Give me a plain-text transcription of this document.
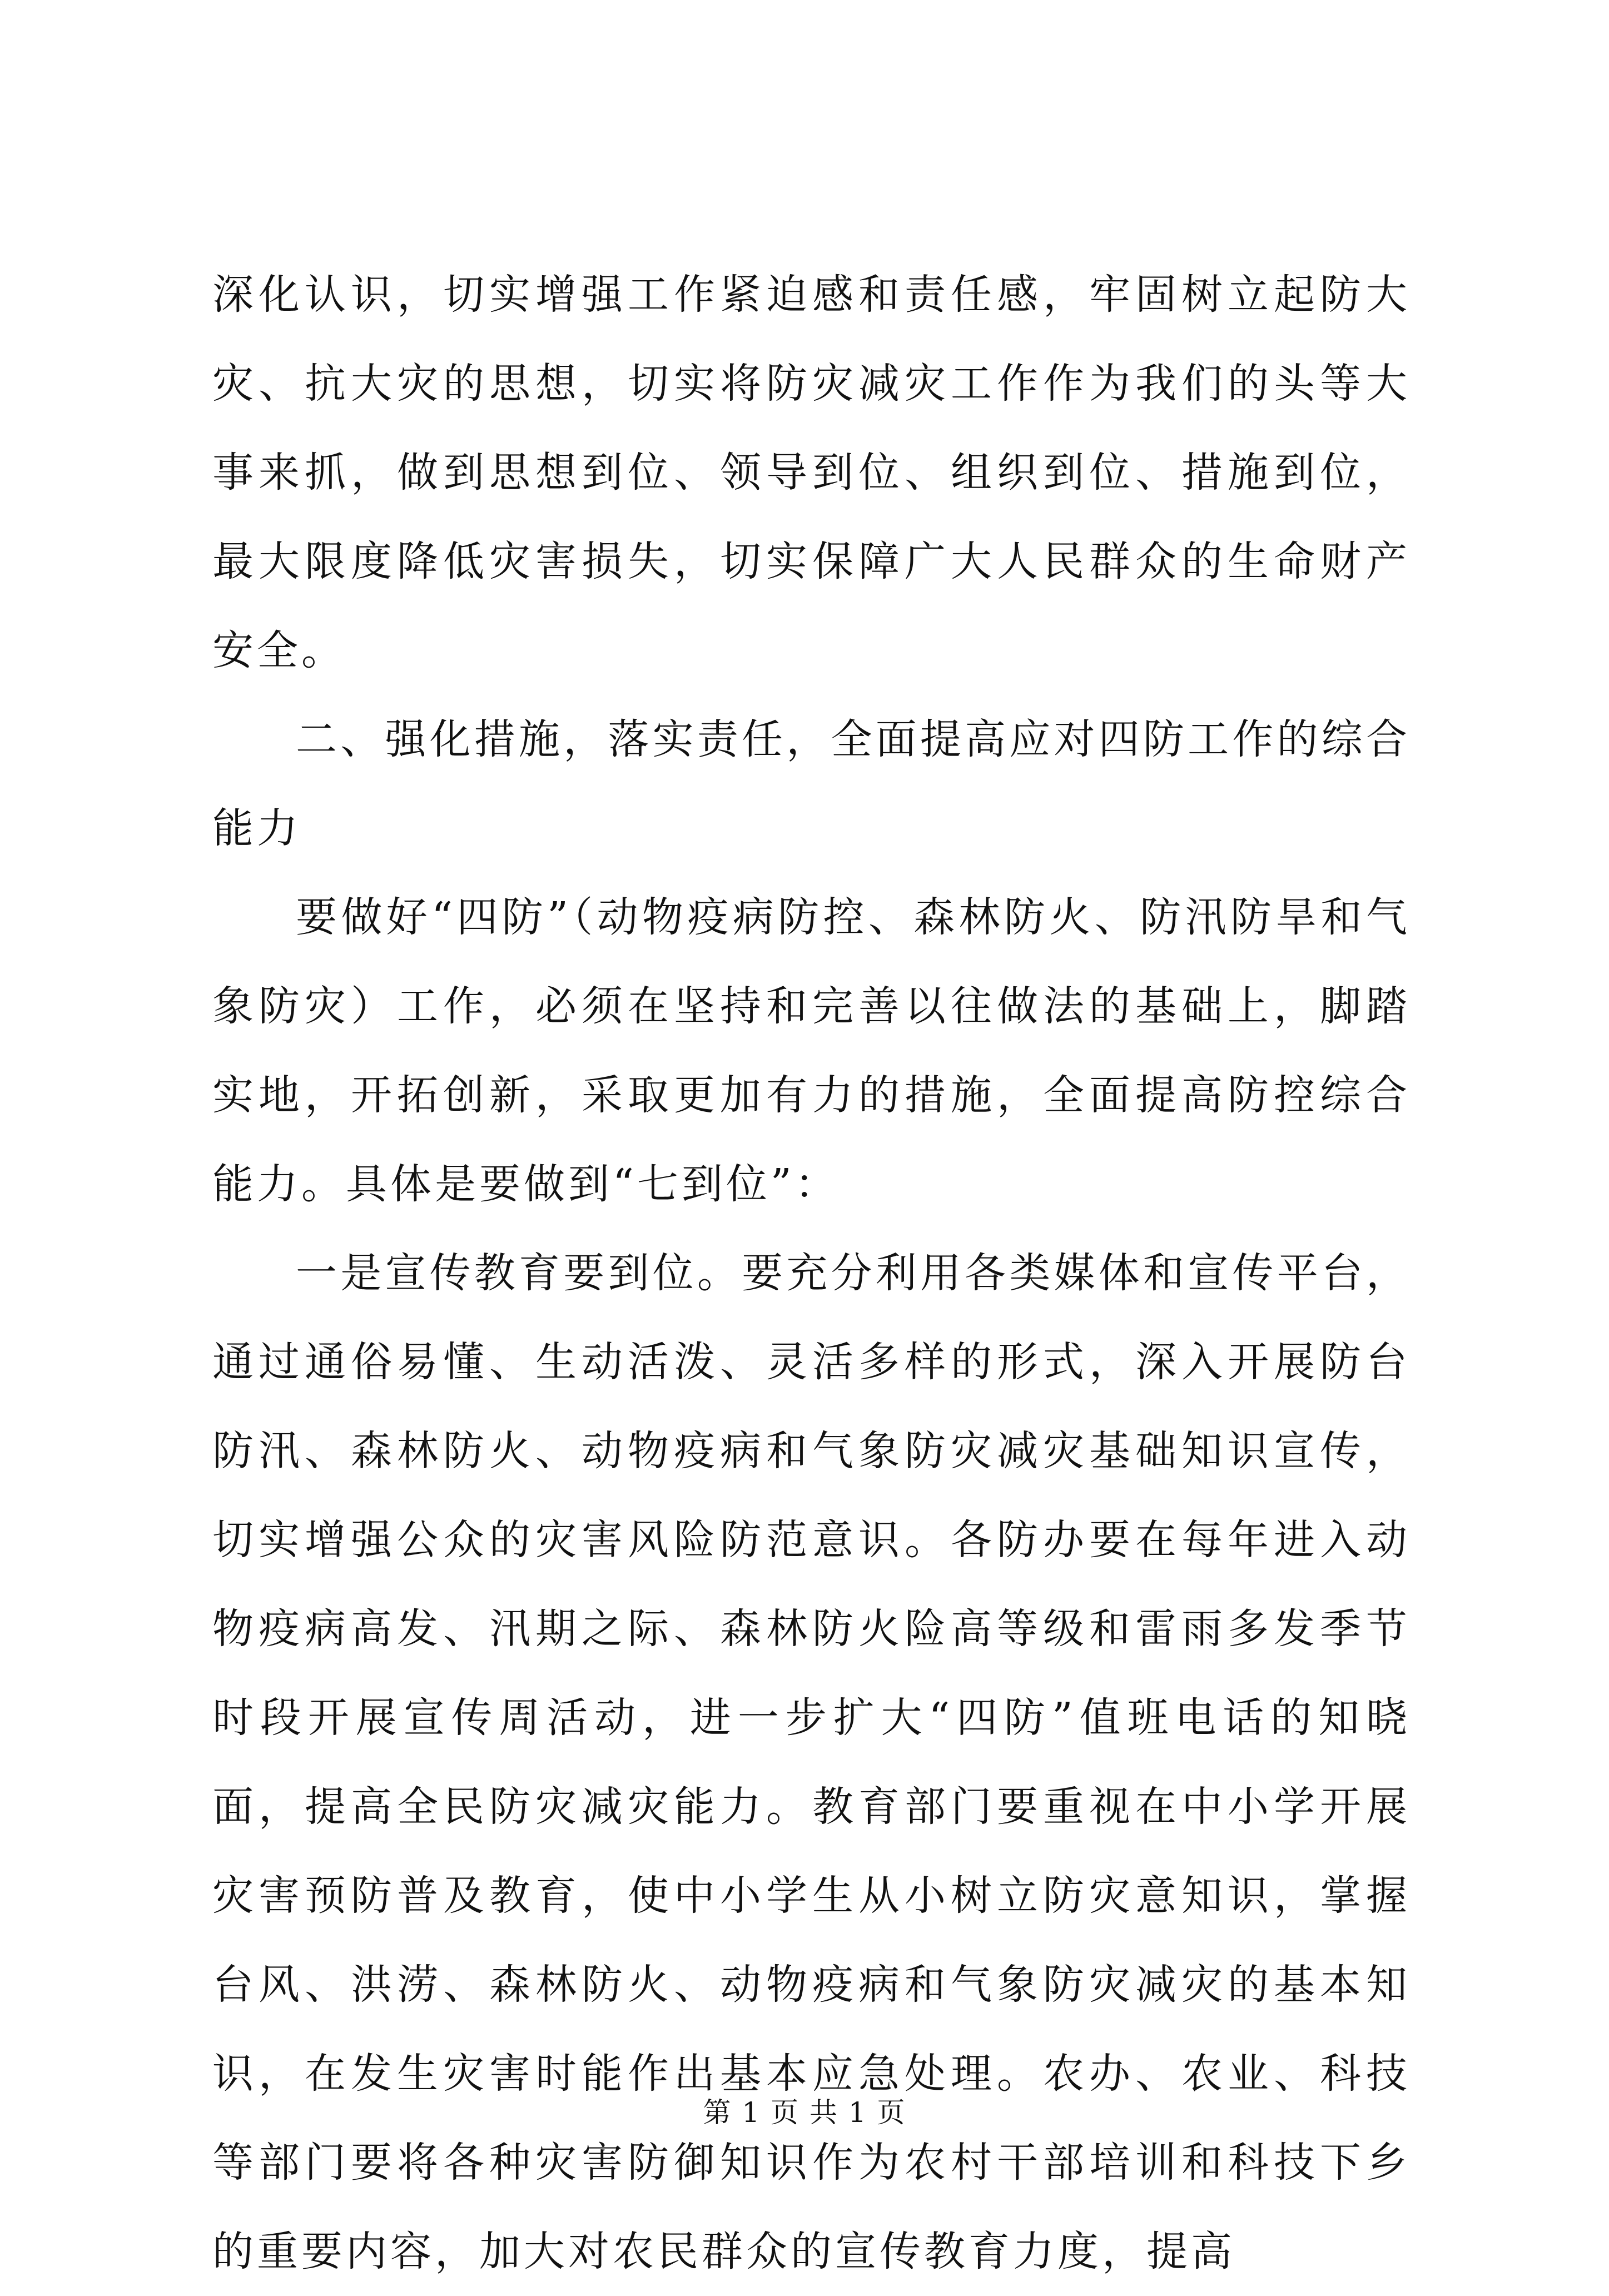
深化认识，切实增强工作紧迫感和责任感，牢固树立起防大灾、抗大灾的思想，切实将防灾减灾工作作为我们的头等大事来抓，做到思想到位、领导到位、组织到位、措施到位，最大限度降低灾害损失，切实保障广大人民群众的生命财产安全。

二、强化措施，落实责任，全面提高应对四防工作的综合能力

要做好“四防”（动物疫病防控、森林防火、防汛防旱和气象防灾）工作，必须在坚持和完善以往做法的基础上，脚踏实地，开拓创新，采取更加有力的措施，全面提高防控综合能力。具体是要做到“七到位”：

一是宣传教育要到位。要充分利用各类媒体和宣传平台，通过通俗易懂、生动活泼、灵活多样的形式，深入开展防台防汛、森林防火、动物疫病和气象防灾减灾基础知识宣传，切实增强公众的灾害风险防范意识。各防办要在每年进入动物疫病高发、汛期之际、森林防火险高等级和雷雨多发季节时段开展宣传周活动，进一步扩大“四防”值班电话的知晓面，提高全民防灾减灾能力。教育部门要重视在中小学开展灾害预防普及教育，使中小学生从小树立防灾意知识，掌握台风、洪涝、森林防火、动物疫病和气象防灾减灾的基本知识，在发生灾害时能作出基本应急处理。农办、农业、科技等部门要将各种灾害防御知识作为农村干部培训和科技下乡的重要内容，加大对农民群众的宣传教育力度，提高

第 1 页 共 1 页
